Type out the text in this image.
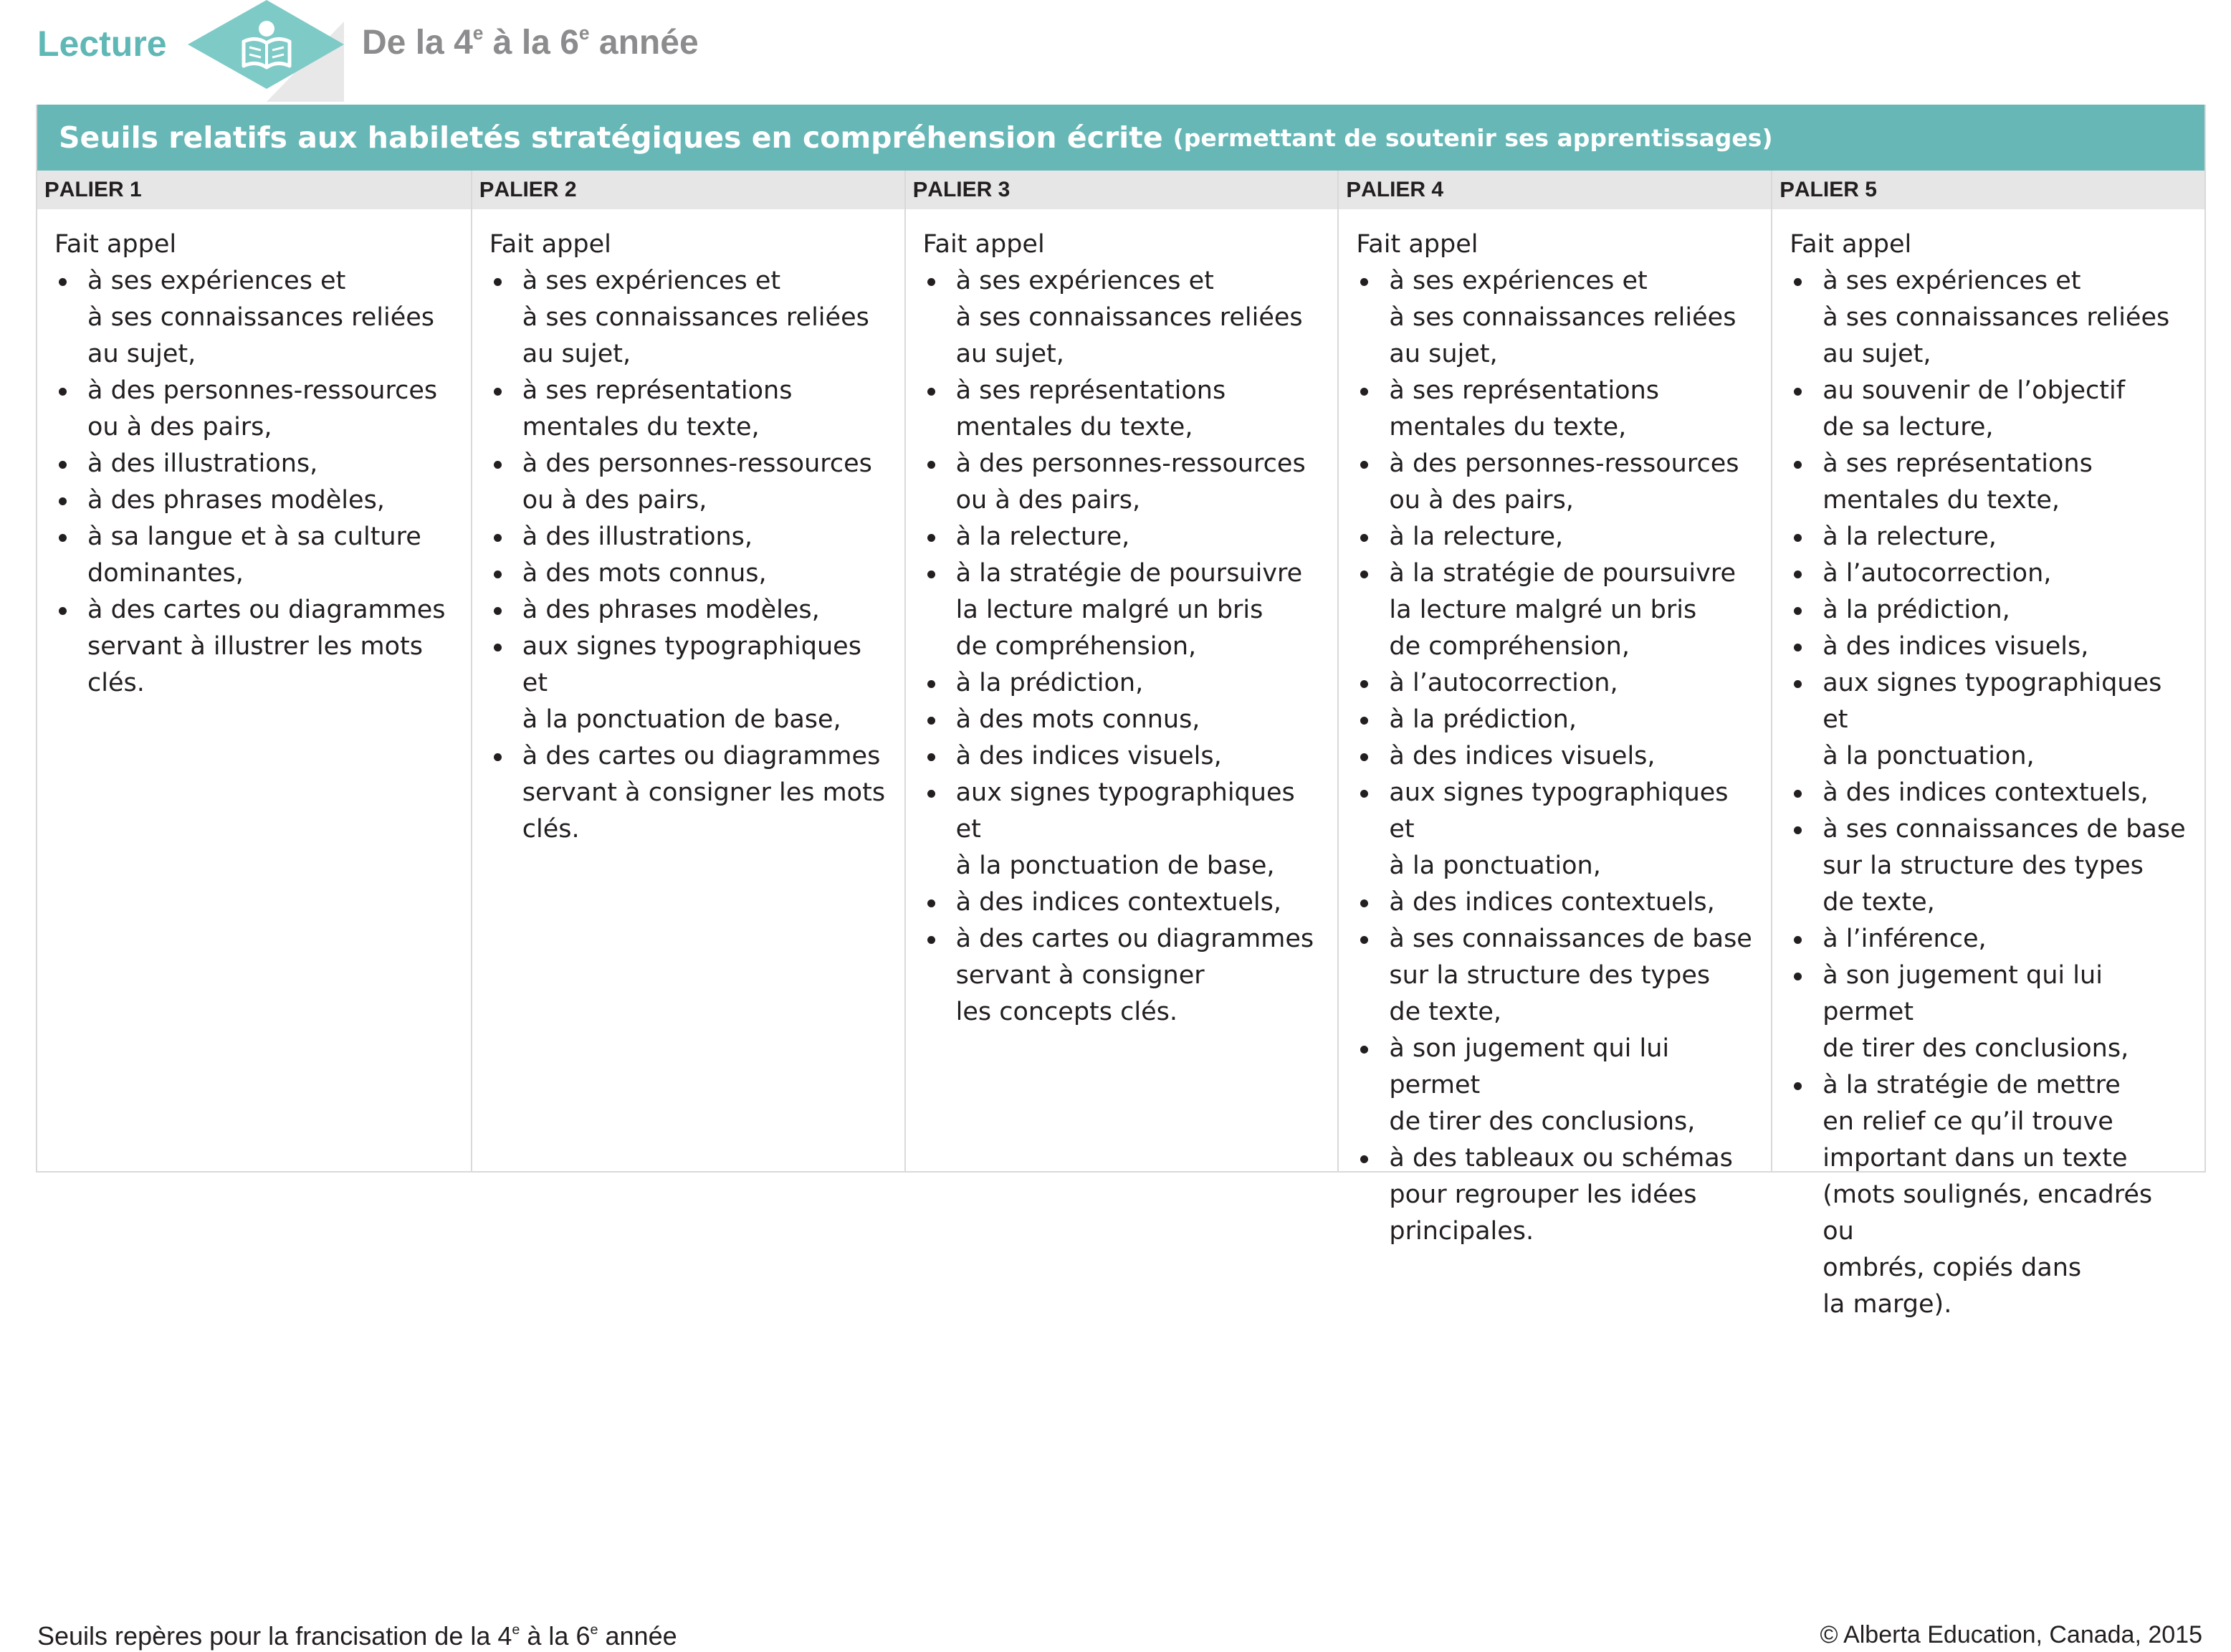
Lecture	De la 4e à la 6e année
Seuils relatifs aux habiletés stratégiques en compréhension écrite (permettant de soutenir ses apprentissages)
P ALIER 1

Fait appel

à ses expériences et
à ses connaissances reliées
au sujet,
à des personnes-ressources
ou à des pairs,
à des illustrations,
à des phrases modèles,
à sa langue et à sa culture
dominantes,
à des cartes ou diagrammes
servant à illustrer les mots
clés.
P ALIER 2

Fait appel

à ses expériences et
à ses connaissances reliées
au sujet,
à ses représentations
mentales du texte,
à des personnes-ressources
ou à des pairs,
à des illustrations,
à des mots connus,
à des phrases modèles,
aux signes typographiques et
à la ponctuation de base,
à des cartes ou diagrammes
servant à consigner les mots
clés.
P ALIER 3

Fait appel

à ses expériences et
à ses connaissances reliées
au sujet,
à ses représentations
mentales du texte,
à des personnes-ressources
ou à des pairs,
à la relecture,
à la stratégie de poursuivre
la lecture malgré un bris
de compréhension,
à la prédiction,
à des mots connus,
à des indices visuels,
aux signes typographiques et
à la ponctuation de base,
à des indices contextuels,
à des cartes ou diagrammes
servant à consigner
les concepts clés.
P ALIER 4

Fait appel

à ses expériences et
à ses connaissances reliées
au sujet,
à ses représentations
mentales du texte,
à des personnes-ressources
ou à des pairs,
à la relecture,
à la stratégie de poursuivre
la lecture malgré un bris
de compréhension,
à l’autocorrection,
à la prédiction,
à des indices visuels,
aux signes typographiques et
à la ponctuation,
à des indices contextuels,
à ses connaissances de base
sur la structure des types
de texte,
à son jugement qui lui permet
de tirer des conclusions,
à des tableaux ou schémas
pour regrouper les idées
principales.
P ALIER 5

Fait appel

à ses expériences et
à ses connaissances reliées
au sujet,
au souvenir de l’objectif
de sa lecture,
à ses représentations
mentales du texte,
à la relecture,
à l’autocorrection,
à la prédiction,
à des indices visuels,
aux signes typographiques et
à la ponctuation,
à des indices contextuels,
à ses connaissances de base
sur la structure des types
de texte,
à l’inférence,
à son jugement qui lui permet
de tirer des conclusions,
à la stratégie de mettre
en relief ce qu’il trouve
important dans un texte
(mots soulignés, encadrés ou
ombrés, copiés dans
la marge).
Seuils repères pour la francisation de la 4e à la 6e année	© Alberta Education, Canada, 2015
